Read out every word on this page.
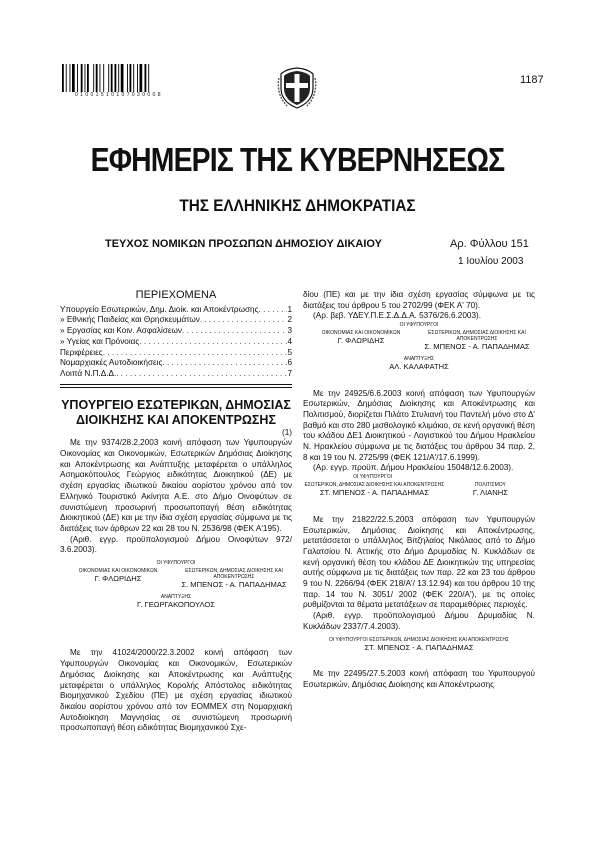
0 1 0 0 1 5 1 0 1 0 7 0 3 0 0 0 8
1187
ΕΦΗΜΕΡΙΣ ΤΗΣ ΚΥΒΕΡΝΗΣΕΩΣ
ΤΗΣ ΕΛΛΗΝΙΚΗΣ ΔΗΜΟΚΡΑΤΙΑΣ
ΤΕΥΧΟΣ ΝΟΜΙΚΩΝ ΠΡΟΣΩΠΩΝ ΔΗΜΟΣΙΟΥ ΔΙΚΑΙΟΥ	Αρ. Φύλλου 151
1 Ιουλίου 2003
ΠΕΡΙΕΧΟΜΕΝΑ
Υπουργείο Εσωτερικών, Δημ. Διοίκ. και Αποκέντρωσης . . .	1
» Εθνικής Παιδείας και Θρησκευμάτων . . .	2
» Εργασίας και Κοιν. Ασφαλίσεων . . .	3
» Υγείας και Πρόνοιας . . .	4
Περιφέρειες . . .	5
Νομαρχιακές Αυτοδιοικήσεις . . .	6
Λοιπά Ν.Π.Δ.Δ. . . .	7
ΥΠΟΥΡΓΕΙΟ ΕΣΩΤΕΡΙΚΩΝ, ΔΗΜΟΣΙΑΣ
ΔΙΟΙΚΗΣΗΣ ΚΑΙ ΑΠΟΚΕΝΤΡΩΣΗΣ
(1)

Με την 9374/28.2.2003 κοινή απόφαση των Υφυπουργών Οικονομίας και Οικονομικών, Εσωτερικών Δημόσιας Διοίκησης και Αποκέντρωσης και Ανάπτυξης μεταφέρεται ο υπάλληλος Ασημακόπουλος Γεώργιος ειδικότητας Διοικητικού (ΔΕ) με σχέση εργασίας ιδιωτικού δικαίου αορίστου χρόνου από τον Ελληνικό Τουριστικό Ακίνητα Α.Ε. στο Δήμο Οινοφύτων σε συνιστώμενη προσωρινή προσωποπαγή θέση ειδικότητας Διοικητικού (ΔΕ) και με την ίδια σχέση εργασίας σύμφωνα με τις διατάξεις των άρθρων 22 και 28 του Ν. 2536/98 (ΦΕΚ Α'195).

(Αριθ. εγγρ. προϋπολογισμού Δήμου Οινοφύτων 972/ 3.6.2003).

ΟΙ ΥΦΥΠΟΥΡΓΟΙ
ΟΙΚΟΝΟΜΙΑΣ ΚΑΙ ΟΙΚΟΝΟΜΙΚΩΝ
Γ. ΦΛΩΡΙΔΗΣ
ΕΣΩΤΕΡΙΚΩΝ, ΔΗΜΟΣΙΑΣ ΔΙΟΙΚΗΣΗΣ ΚΑΙ ΑΠΟΚΕΝΤΡΩΣΗΣ
Σ. ΜΠΕΝΟΣ - Α. ΠΑΠΑΔΗΜΑΣ
ΑΝΑΠΤΥΞΗΣ
Γ. ΓΕΩΡΓΑΚΟΠΟΥΛΟΣ

Με την 41024/2000/22.3.2002 κοινή απόφαση των Υφυπουργών Οικονομίας και Οικονομικών, Εσωτερικών Δημόσιας Διοίκησης και Αποκέντρωσης και Ανάπτυξης μεταφέρεται ο υπάλληλος Κορολής Απόστολος ειδικότητας Βιομηχανικού Σχεδίου (ΠΕ) με σχέση εργασίας ιδιωτικού δικαίου αορίστου χρόνου από τον ΕΟΜΜΕΧ στη Νομαρχιακή Αυτοδιοίκηση Μαγνησίας σε συνιστώμενη προσωρινή προσωποπαγή θέση ειδικότητας Βιομηχανικού Σχε-

δίου (ΠΕ) και με την ίδια σχέση εργασίας σύμφωνα με τις διατάξεις του άρθρου 5 του 2702/99 (ΦΕΚ Α' 70).

(Αρ. βεβ. ΥΔΕΥ.Π.Ε.Σ.Δ.Δ.Α. 5376/26.6.2003).

ΟΙ ΥΦΥΠΟΥΡΓΟΙ
ΟΙΚΟΝΟΜΙΑΣ ΚΑΙ ΟΙΚΟΝΟΜΙΚΩΝ
Γ. ΦΛΩΡΙΔΗΣ
ΕΣΩΤΕΡΙΚΩΝ, ΔΗΜΟΣΙΑΣ ΔΙΟΙΚΗΣΗΣ ΚΑΙ ΑΠΟΚΕΝΤΡΩΣΗΣ
Σ. ΜΠΕΝΟΣ - Α. ΠΑΠΑΔΗΜΑΣ
ΑΝΑΠΤΥΞΗΣ
ΑΛ. ΚΑΛΑΦΑΤΗΣ

Με την 24925/6.6.2003 κοινή απόφαση των Υφυπουργών Εσωτερικών, Δημόσιας Διοίκησης και Αποκέντρωσης και Πολιτισμού, διορίζεται Πιλάτο Στυλιανή του Παντελή μόνο στο Δ' βαθμό και στο 280 μισθολογικό κλιμάκιο, σε κενή οργανική θέση του κλάδου ΔΕ1 Διοικητικού - Λογιστικού του Δήμου Ηρακλείου Ν. Ηρακλείου σύμφωνα με τις διατάξεις του άρθρου 34 παρ. 2, 8 και 19 του Ν. 2725/99 (ΦΕΚ 121/Α'/17.6.1999).

(Αρ. εγγρ. προϋπ. Δήμου Ηρακλείου 15048/12.6.2003).

ΟΙ ΥΦΥΠΟΥΡΓΟΙ
ΕΣΩΤΕΡΙΚΩΝ, ΔΗΜΟΣΙΑΣ ΔΙΟΙΚΗΣΗΣ ΚΑΙ ΑΠΟΚΕΝΤΡΩΣΗΣ
ΣΤ. ΜΠΕΝΟΣ - Α. ΠΑΠΑΔΗΜΑΣ
ΠΟΛΙΤΙΣΜΟΥ
Γ. ΛΙΑΝΗΣ

Με την 21822/22.5.2003 απόφαση των Υφυπουργών Εσωτερικών, Δημόσιας Διοίκησης και Αποκέντρωσης, μετατάσσεται ο υπάλληλος Βιτζηλαίος Νικόλαος από το Δήμο Γαλατσίου Ν. Αττικής στο Δήμο Δρυμαδίας Ν. Κυκλάδων σε κενή οργανική θέση του κλάδου ΔΕ Διοικητικών της υπηρεσίας αυτής σύμφωνα με τις διατάξεις των παρ. 22 και 23 του άρθρου 9 του Ν. 2266/94 (ΦΕΚ 218/Α'/ 13.12.94) και του άρθρου 10 της παρ. 14 του Ν. 3051/ 2002 (ΦΕΚ 220/Α'), με τις οποίες ρυθμίζονται τα θέματα μετατάξεων σε παραμεθόριες περιοχές.

(Αριθ. εγγρ. προϋπολογισμού Δήμου Δρυμαδίας Ν. Κυκλάδων 2337/7.4.2003).

ΟΙ ΥΦΥΠΟΥΡΓΟΙ ΕΣΩΤΕΡΙΚΩΝ, ΔΗΜΟΣΙΑΣ ΔΙΟΙΚΗΣΗΣ ΚΑΙ ΑΠΟΚΕΝΤΡΩΣΗΣ
ΣΤ. ΜΠΕΝΟΣ - Α. ΠΑΠΑΔΗΜΑΣ

Με την 22495/27.5.2003 κοινή απόφαση του Υφυπουργού Εσωτερικών, Δημόσιας Διοίκησης και Αποκέντρωσης
